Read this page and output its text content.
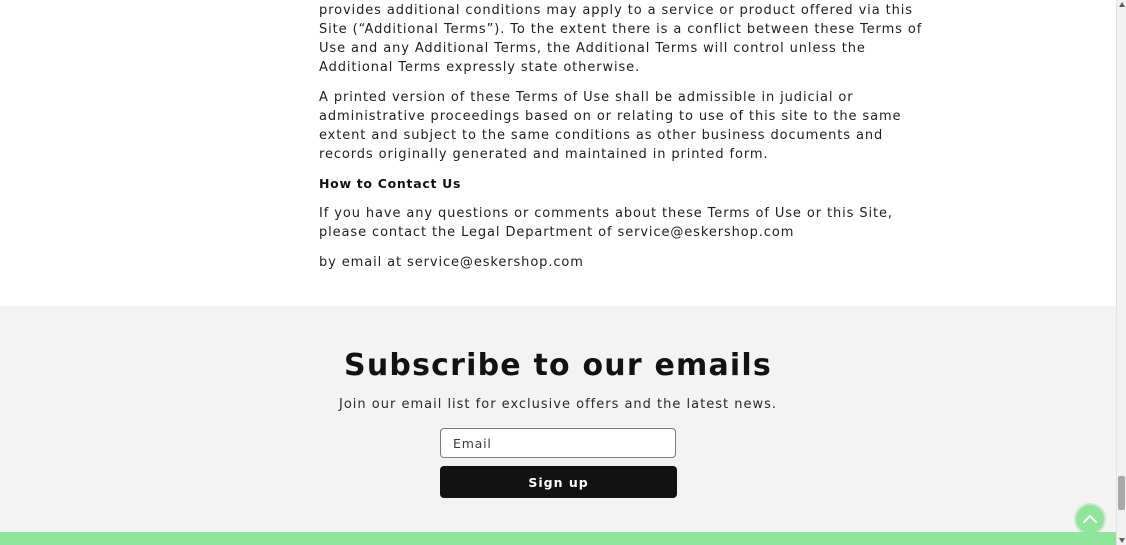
provides additional conditions may apply to a service or product offered via this
Site (“Additional Terms”). To the extent there is a conflict between these Terms of
Use and any Additional Terms, the Additional Terms will control unless the
Additional Terms expressly state otherwise.

A printed version of these Terms of Use shall be admissible in judicial or
administrative proceedings based on or relating to use of this site to the same
extent and subject to the same conditions as other business documents and
records originally generated and maintained in printed form.

How to Contact Us

If you have any questions or comments about these Terms of Use or this Site,
please contact the Legal Department of service@eskershop.com

by email at service@eskershop.com

Subscribe to our emails

Join our email list for exclusive offers and the latest news.

Email
Sign up
